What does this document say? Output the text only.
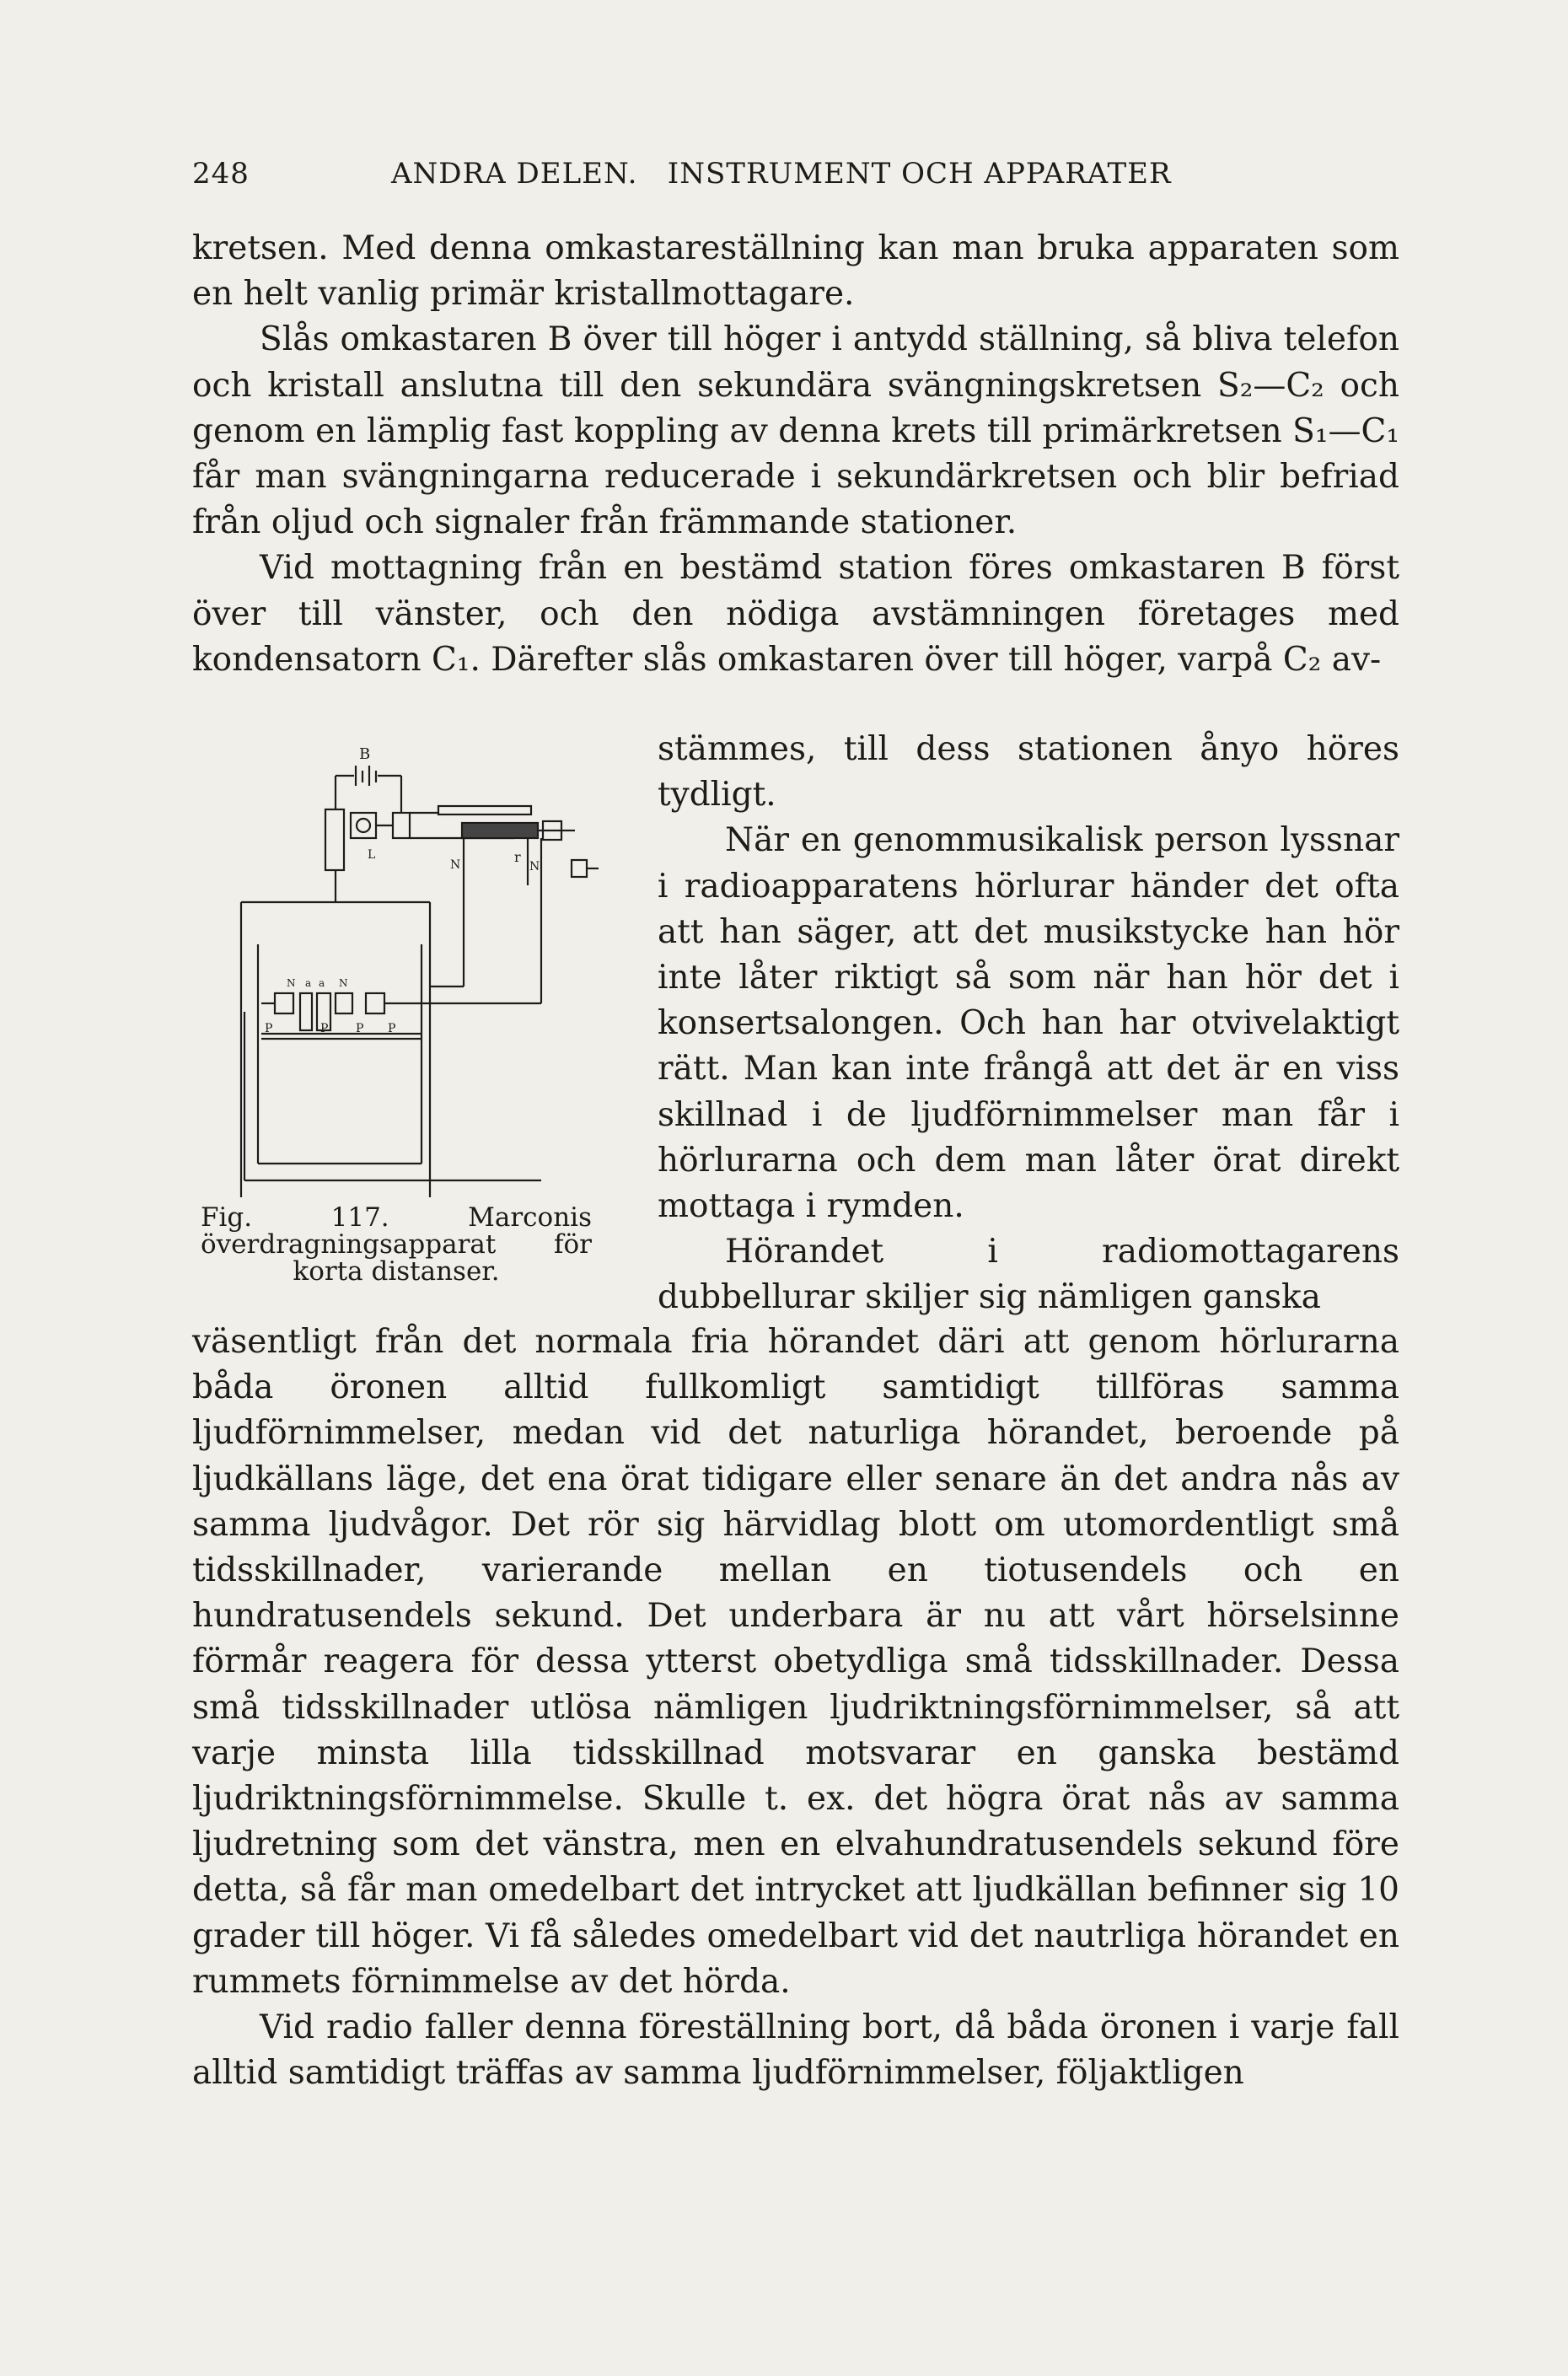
248	ANDRA DELEN.   INSTRUMENT OCH APPARATER

kretsen. Med denna omkastareställning kan man bruka apparaten som en helt vanlig primär kristallmottagare.

Slås omkastaren B över till höger i antydd ställning, så bliva telefon och kristall anslutna till den sekundära svängningskretsen S₂—C₂ och genom en lämplig fast koppling av denna krets till primärkretsen S₁—C₁ får man svängningarna reducerade i sekundärkretsen och blir befriad från oljud och signaler från främmande stationer.

Vid mottagning från en bestämd station föres omkastaren B först över till vänster, och den nödiga avstämningen företages med kondensatorn C₁. Därefter slås omkastaren över till höger, varpå C₂ av-

B
L	r
N	N
N a a N
P	P P P
Fig. 117.	Marconis överdragningsapparat för korta distanser.

stämmes, till dess stationen ånyo höres tydligt.

När en genommusikalisk person lyssnar i radioapparatens hörlurar händer det ofta att han säger, att det musikstycke han hör inte låter riktigt så som när han hör det i konsertsalongen. Och han har otvivelaktigt rätt. Man kan inte frångå att det är en viss skillnad i de ljudförnimmelser man får i hörlurarna och dem man låter örat direkt mottaga i rymden.

Hörandet i radiomottagarens dubbellurar skiljer sig nämligen ganska

väsentligt från det normala fria hörandet däri att genom hörlurarna båda öronen alltid fullkomligt samtidigt tillföras samma ljudförnimmelser, medan vid det naturliga hörandet, beroende på ljudkällans läge, det ena örat tidigare eller senare än det andra nås av samma ljudvågor. Det rör sig härvidlag blott om utomordentligt små tidsskillnader, varierande mellan en tiotusendels och en hundratusendels sekund. Det underbara är nu att vårt hörselsinne förmår reagera för dessa ytterst obetydliga små tidsskillnader. Dessa små tidsskillnader utlösa nämligen ljudriktningsförnimmelser, så att varje minsta lilla tidsskillnad motsvarar en ganska bestämd ljudriktningsförnimmelse. Skulle t. ex. det högra örat nås av samma ljudretning som det vänstra, men en elvahundratusendels sekund före detta, så får man omedelbart det intrycket att ljudkällan befinner sig 10 grader till höger. Vi få således omedelbart vid det nautrliga hörandet en rummets förnimmelse av det hörda.

Vid radio faller denna föreställning bort, då båda öronen i varje fall alltid samtidigt träffas av samma ljudförnimmelser, följaktligen
